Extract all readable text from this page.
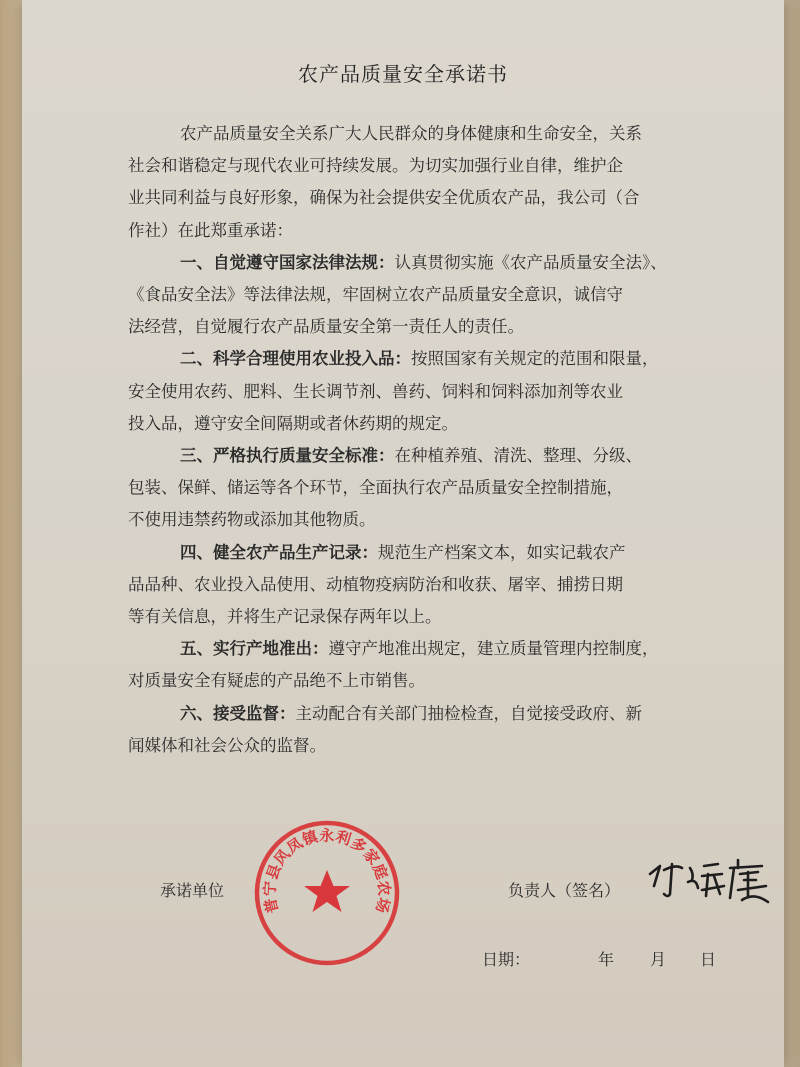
农产品质量安全承诺书
农产品质量安全关系广大人民群众的身体健康和生命安全，关系
社会和谐稳定与现代农业可持续发展。为切实加强行业自律，维护企
业共同利益与良好形象，确保为社会提供安全优质农产品，我公司（合
作社）在此郑重承诺：
一、自觉遵守国家法律法规：认真贯彻实施《农产品质量安全法》、
《食品安全法》等法律法规，牢固树立农产品质量安全意识，诚信守
法经营，自觉履行农产品质量安全第一责任人的责任。
二、科学合理使用农业投入品：按照国家有关规定的范围和限量，
安全使用农药、肥料、生长调节剂、兽药、饲料和饲料添加剂等农业
投入品，遵守安全间隔期或者休药期的规定。
三、严格执行质量安全标准：在种植养殖、清洗、整理、分级、
包装、保鲜、储运等各个环节，全面执行农产品质量安全控制措施，
不使用违禁药物或添加其他物质。
四、健全农产品生产记录：规范生产档案文本，如实记载农产
品品种、农业投入品使用、动植物疫病防治和收获、屠宰、捕捞日期
等有关信息，并将生产记录保存两年以上。
五、实行产地准出：遵守产地准出规定，建立质量管理内控制度，
对质量安全有疑虑的产品绝不上市销售。
六、接受监督：主动配合有关部门抽检检查，自觉接受政府、新
闻媒体和社会公众的监督。
承诺单位	负责人（签名）
日期：	年 月 日
普宁县风凤镇永利多家庭农场
